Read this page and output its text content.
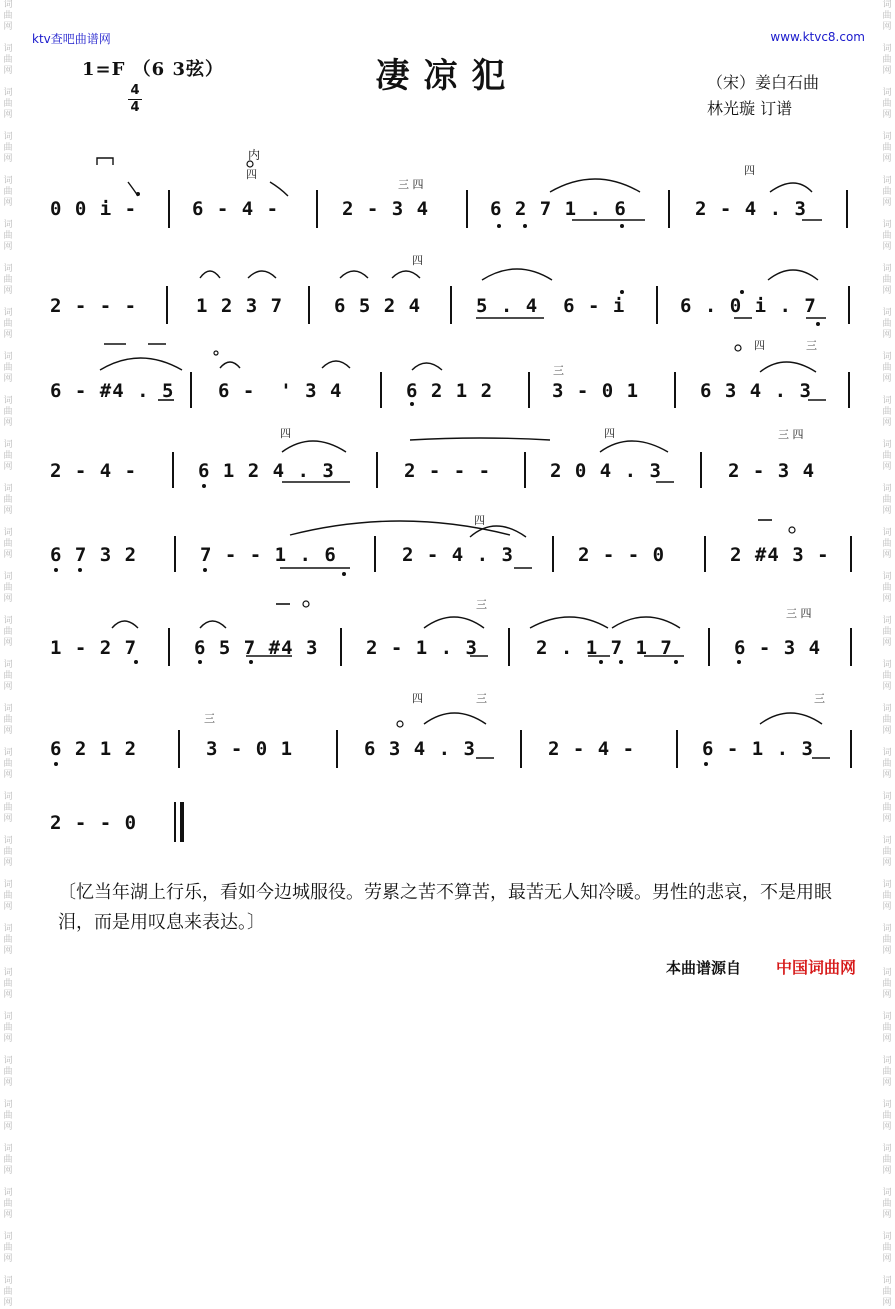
词
曲
网

词
曲
网

词
曲
网

词
曲
网

词
曲
网

词
曲
网

词
曲
网

词
曲
网

词
曲
网

词
曲
网

词
曲
网

词
曲
网

词
曲
网

词
曲
网

词
曲
网

词
曲
网

词
曲
网

词
曲
网

词
曲
网

词
曲
网

词
曲
网

词
曲
网

词
曲
网

词
曲
网

词
曲
网

词
曲
网

词
曲
网

词
曲
网

词
曲
网

词
曲
网

词
曲
网

词
曲
网

词
曲
网

词
曲
网

词
曲
网

词
曲
网

词
曲
网

词
曲
网

词
曲
网

词
曲
网

词
曲
网

词
曲
网

词
曲
网

词
曲
网

词
曲
网

词
曲
网

词
曲
网

词
曲
网

词
曲
网

词
曲
网

词
曲
网

词
曲
网

词
曲
网

词
曲
网

词
曲
网

词
曲
网

词
曲
网

词
曲
网

词
曲
网

词
曲
网

ktv查吧曲谱网	www.ktvc8.com
1=F （6 3弦）
4
4
凄凉犯	（宋）姜白石曲
林光璇 订谱
内
四
三 四
四
四
四	三
三
四	四	三 四
四
三
三 四
四	三
三
三
0 0 i -	6 - 4 -	2 - 3 4	6 2 7 1 . 6	2 - 4 . 3
2 - - -	1 2 3 7	6 5 2 4	5 . 4  6 - i	6 . 0 i . 7
6 - #4 . 5 6 -  ' 3 4	6 2 1 2	3 - 0 1	6 3 4 . 3
2 - 4 -	6 1 2 4 . 3	2 - - -	2 0 4 . 3	2 - 3 4
6 7 3 2	7 - - 1 . 6	2 - 4 . 3	2 - - 0	2 #4 3 -
1 - 2 7	6 5 7 #4 3	2 - 1 . 3	2 . 1 7 1 7	6 - 3 4
6 2 1 2	3 - 0 1	6 3 4 . 3	2 - 4 -	6 - 1 . 3
2 - - 0
〔忆当年湖上行乐，看如今边城服役。劳累之苦不算苦，最苦无人知冷暖。男性的悲哀，不是用眼泪，而是用叹息来表达。〕
本曲谱源自 中国词曲网
